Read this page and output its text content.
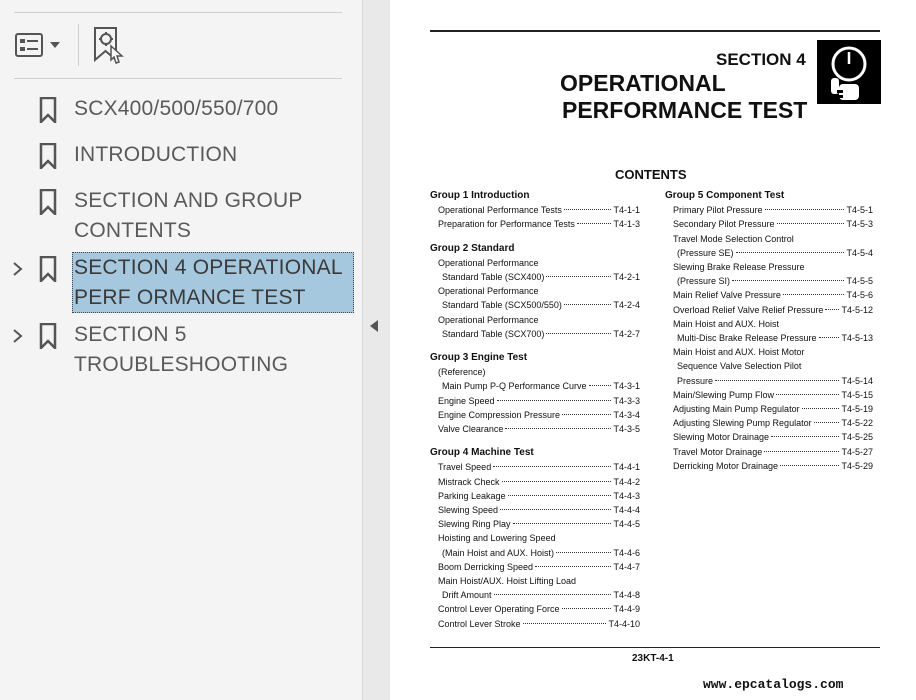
SCX400/500/550/700
INTRODUCTION
SECTION AND GROUP
CONTENTS
SECTION 4 OPERATIONAL
PERF ORMANCE TEST
SECTION 5
TROUBLESHOOTING
SECTION 4
OPERATIONAL
PERFORMANCE TEST
CONTENTS
Group 1 Introduction
Operational Performance Tests	T4-1-1
Preparation for Performance Tests	T4-1-3
Group 2 Standard
Operational Performance
Standard Table (SCX400)	T4-2-1
Operational Performance
Standard Table (SCX500/550)	T4-2-4
Operational Performance
Standard Table (SCX700)	T4-2-7
Group 3 Engine Test
(Reference)
Main Pump P-Q Performance Curve	T4-3-1
Engine Speed	T4-3-3
Engine Compression Pressure	T4-3-4
Valve Clearance	T4-3-5
Group 4 Machine Test
Travel Speed	T4-4-1
Mistrack Check	T4-4-2
Parking Leakage	T4-4-3
Slewing Speed	T4-4-4
Slewing Ring Play	T4-4-5
Hoisting and Lowering Speed
(Main Hoist and AUX. Hoist)	T4-4-6
Boom Derricking Speed	T4-4-7
Main Hoist/AUX. Hoist Lifting Load
Drift Amount	T4-4-8
Control Lever Operating Force	T4-4-9
Control Lever Stroke	T4-4-10
Group 5 Component Test
Primary Pilot Pressure	T4-5-1
Secondary Pilot Pressure	T4-5-3
Travel Mode Selection Control
(Pressure SE)	T4-5-4
Slewing Brake Release Pressure
(Pressure SI)	T4-5-5
Main Relief Valve Pressure	T4-5-6
Overload Relief Valve Relief Pressure T4-5-12
Main Hoist and AUX. Hoist
Multi-Disc Brake Release Pressure	T4-5-13
Main Hoist and AUX. Hoist Motor
Sequence Valve Selection Pilot
Pressure	T4-5-14
Main/Slewing Pump Flow	T4-5-15
Adjusting Main Pump Regulator	T4-5-19
Adjusting Slewing Pump Regulator	T4-5-22
Slewing Motor Drainage	T4-5-25
Travel Motor Drainage	T4-5-27
Derricking Motor Drainage	T4-5-29
23KT-4-1
www.epcatalogs.com
